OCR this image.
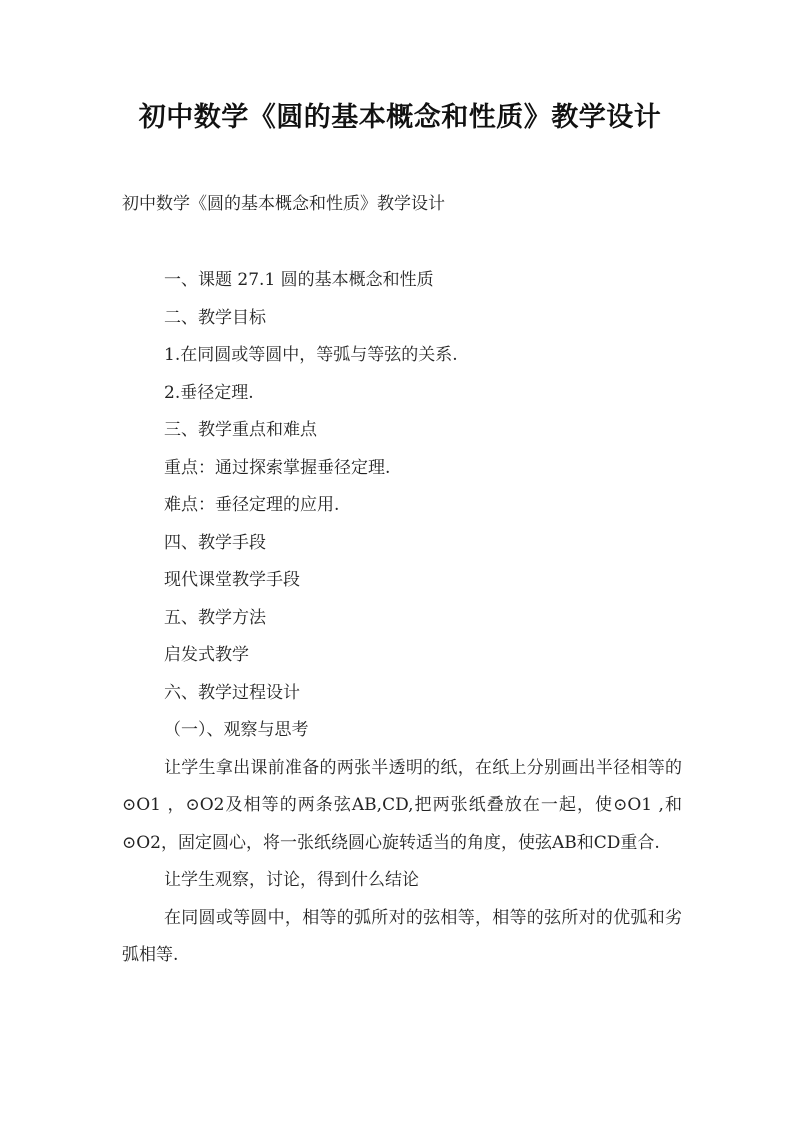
初中数学《圆的基本概念和性质》教学设计
初中数学《圆的基本概念和性质》教学设计

一、课题 27.1 圆的基本概念和性质

二、教学目标

1.在同圆或等圆中，等弧与等弦的关系.

2.垂径定理.

三、教学重点和难点

重点：通过探索掌握垂径定理.

难点：垂径定理的应用.

四、教学手段

现代课堂教学手段

五、教学方法

启发式教学

六、教学过程设计

（一）、观察与思考

让学生拿出课前准备的两张半透明的纸，在纸上分别画出半径相等的⊙O1 ，⊙O2及相等的两条弦AB,CD,把两张纸叠放在一起，使⊙O1 ,和 ⊙O2，固定圆心，将一张纸绕圆心旋转适当的角度，使弦AB和CD重合.

让学生观察，讨论，得到什么结论

在同圆或等圆中，相等的弧所对的弦相等，相等的弦所对的优弧和劣弧相等.
